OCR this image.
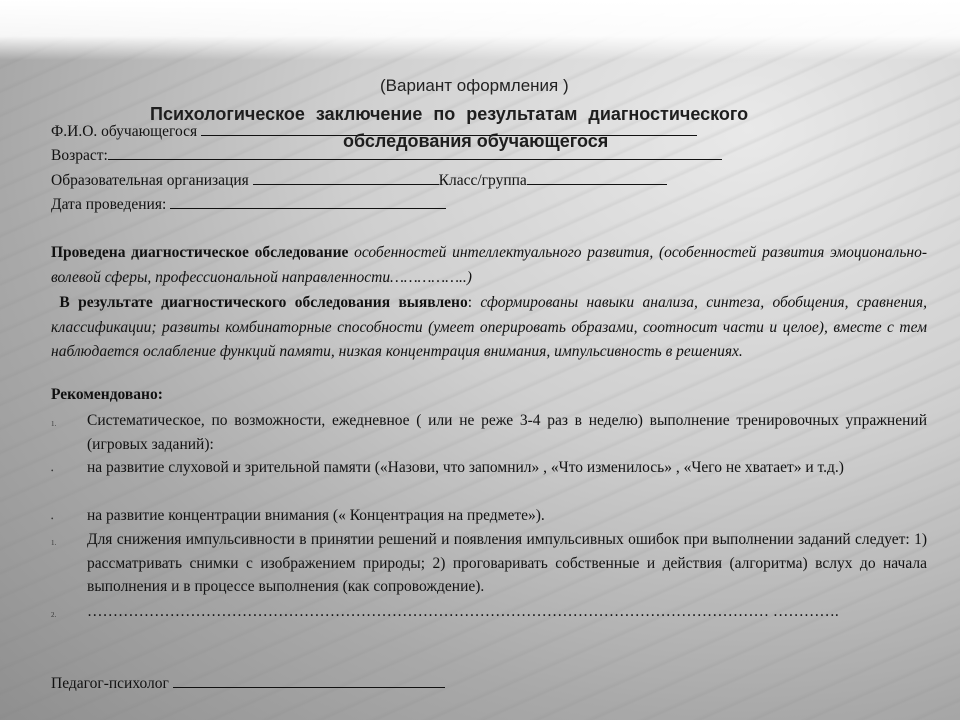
(Вариант оформления )
Психологическое заключение по результатам диагностического
Ф.И.О. обучающегося	обследования обучающегося
Возраст:
Образовательная организация	Класс/группа
Дата проведения:
Проведена диагностическое обследование особенностей интеллектуального развития, (особенностей развития эмоционально-волевой сферы, профессиональной направленности……………..)
В результате диагностического обследования выявлено: сформированы навыки анализа, синтеза, обобщения, сравнения, классификации; развиты комбинаторные способности (умеет оперировать образами, соотносит части и целое), вместе с тем наблюдается ослабление функций памяти, низкая концентрация внимания, импульсивность в решениях.
Рекомендовано:
1. Систематическое, по возможности, ежедневное ( или не реже 3-4 раз в неделю) выполнение тренировочных упражнений (игровых заданий):
• на развитие слуховой и зрительной памяти («Назови, что запомнил» , «Что изменилось» , «Чего не хватает» и т.д.)
• на развитие концентрации внимания (« Концентрация на предмете»).
1. Для снижения импульсивности в принятии решений и появления импульсивных ошибок при выполнении заданий следует: 1) рассматривать снимки с изображением природы; 2) проговаривать собственные и действия (алгоритма) вслух до начала выполнения и в процессе выполнения (как сопровождение).
2. …………………………………………………………………………………………………………………… ………….
Педагог-психолог
